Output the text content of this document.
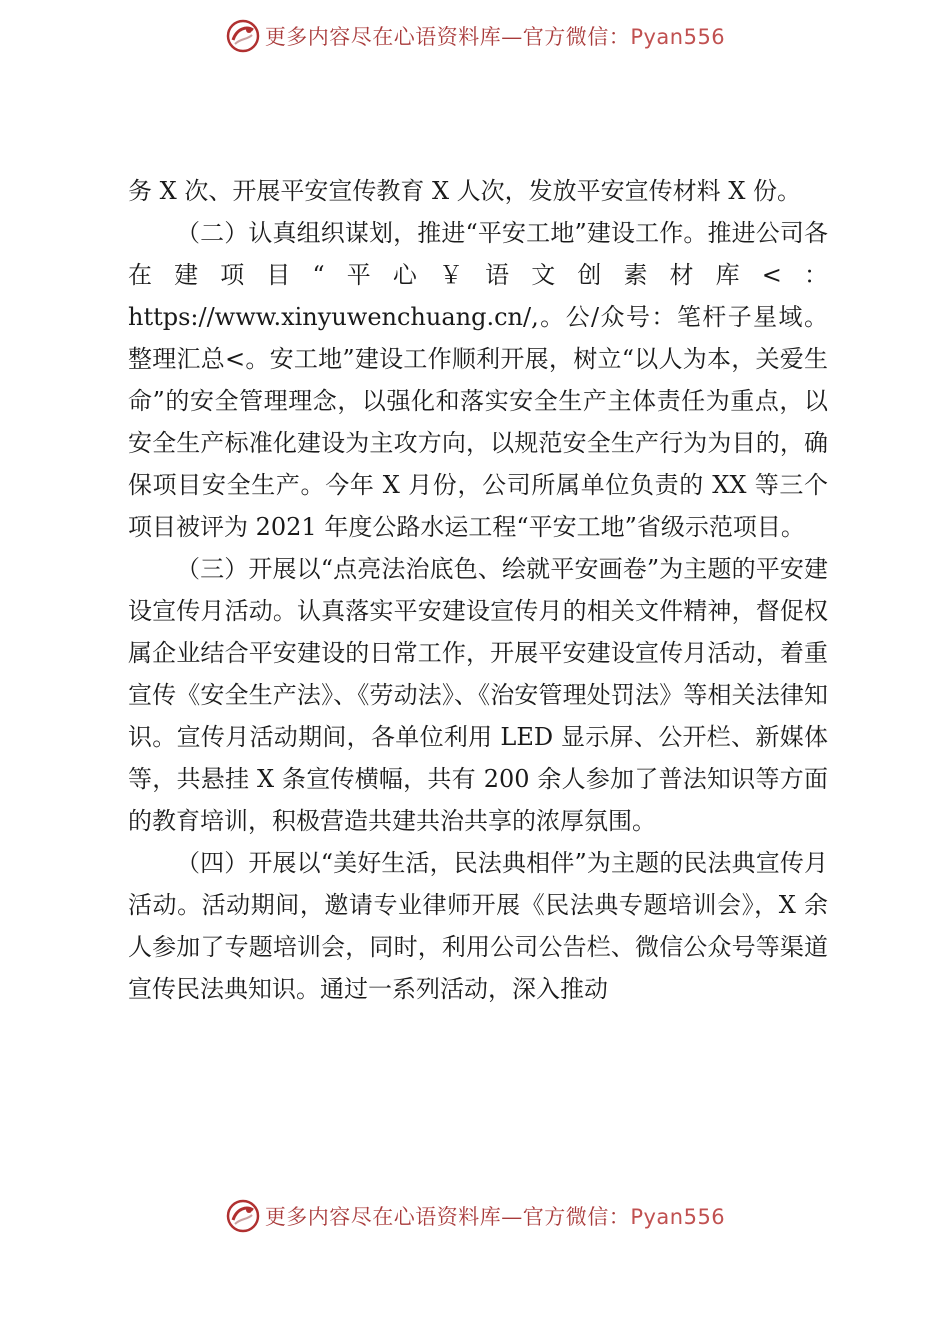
更多内容尽在心语资料库—官方微信：Pyan556

务 X 次、开展平安宣传教育 X 人次，发放平安宣传材料 X 份。

（二）认真组织谋划，推进“平安工地”建设工作。推进公司各在建项目“平心￥语文创素材库<：https://www.xinyuwenchuang.cn/,。公/众号：笔杆子星域。整理汇总<。安工地”建设工作顺利开展，树立“以人为本，关爱生命”的安全管理理念，以强化和落实安全生产主体责任为重点，以安全生产标准化建设为主攻方向，以规范安全生产行为为目的，确保项目安全生产。今年 X 月份，公司所属单位负责的 XX 等三个项目被评为 2021 年度公路水运工程“平安工地”省级示范项目。

（三）开展以“点亮法治底色、绘就平安画卷”为主题的平安建设宣传月活动。认真落实平安建设宣传月的相关文件精神，督促权属企业结合平安建设的日常工作，开展平安建设宣传月活动，着重宣传《安全生产法》、《劳动法》、《治安管理处罚法》等相关法律知识。宣传月活动期间，各单位利用 LED 显示屏、公开栏、新媒体等，共悬挂 X 条宣传横幅，共有 200 余人参加了普法知识等方面的教育培训，积极营造共建共治共享的浓厚氛围。

（四）开展以“美好生活，民法典相伴”为主题的民法典宣传月活动。活动期间，邀请专业律师开展《民法典专题培训会》，X 余人参加了专题培训会，同时，利用公司公告栏、微信公众号等渠道宣传民法典知识。通过一系列活动，深入推动

更多内容尽在心语资料库—官方微信：Pyan556
